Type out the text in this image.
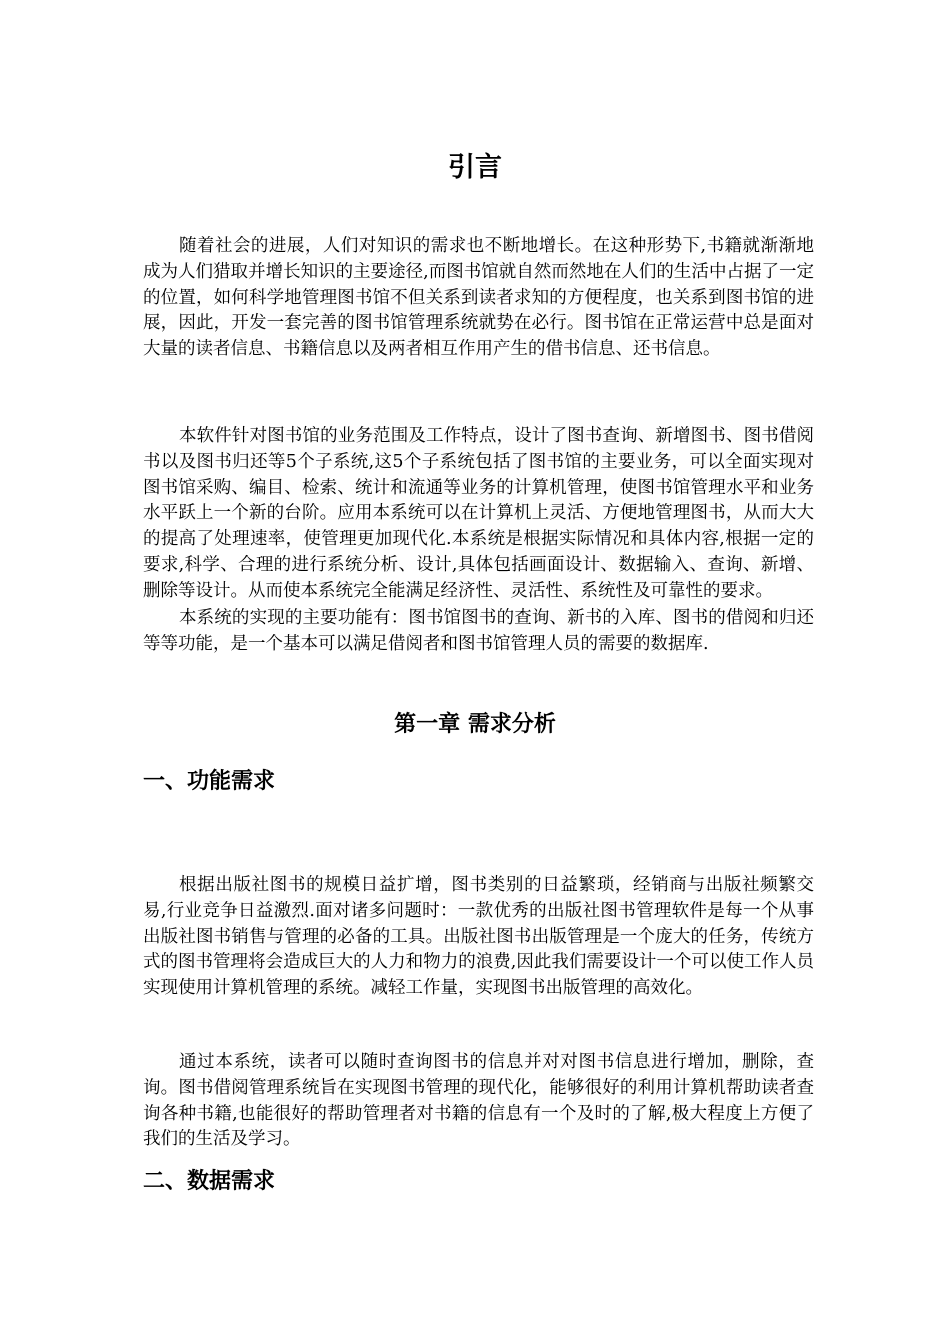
引言

随着社会的进展，人们对知识的需求也不断地增长。在这种形势下,书籍就渐渐地成为人们猎取并增长知识的主要途径,而图书馆就自然而然地在人们的生活中占据了一定的位置，如何科学地管理图书馆不但关系到读者求知的方便程度，也关系到图书馆的进展，因此，开发一套完善的图书馆管理系统就势在必行。图书馆在正常运营中总是面对大量的读者信息、书籍信息以及两者相互作用产生的借书信息、还书信息。

本软件针对图书馆的业务范围及工作特点，设计了图书查询、新增图书、图书借阅书以及图书归还等5个子系统,这5个子系统包括了图书馆的主要业务，可以全面实现对图书馆采购、编目、检索、统计和流通等业务的计算机管理，使图书馆管理水平和业务水平跃上一个新的台阶。应用本系统可以在计算机上灵活、方便地管理图书，从而大大的提高了处理速率，使管理更加现代化.本系统是根据实际情况和具体内容,根据一定的要求,科学、合理的进行系统分析、设计,具体包括画面设计、数据输入、查询、新增、删除等设计。从而使本系统完全能满足经济性、灵活性、系统性及可靠性的要求。

本系统的实现的主要功能有：图书馆图书的查询、新书的入库、图书的借阅和归还等等功能，是一个基本可以满足借阅者和图书馆管理人员的需要的数据库.

第一章 需求分析
一、功能需求

根据出版社图书的规模日益扩增，图书类别的日益繁琐，经销商与出版社频繁交易,行业竞争日益激烈.面对诸多问题时：一款优秀的出版社图书管理软件是每一个从事出版社图书销售与管理的必备的工具。出版社图书出版管理是一个庞大的任务，传统方式的图书管理将会造成巨大的人力和物力的浪费,因此我们需要设计一个可以使工作人员实现使用计算机管理的系统。减轻工作量，实现图书出版管理的高效化。

通过本系统，读者可以随时查询图书的信息并对对图书信息进行增加，删除，查询。图书借阅管理系统旨在实现图书管理的现代化，能够很好的利用计算机帮助读者查询各种书籍,也能很好的帮助管理者对书籍的信息有一个及时的了解,极大程度上方便了我们的生活及学习。

二、数据需求
